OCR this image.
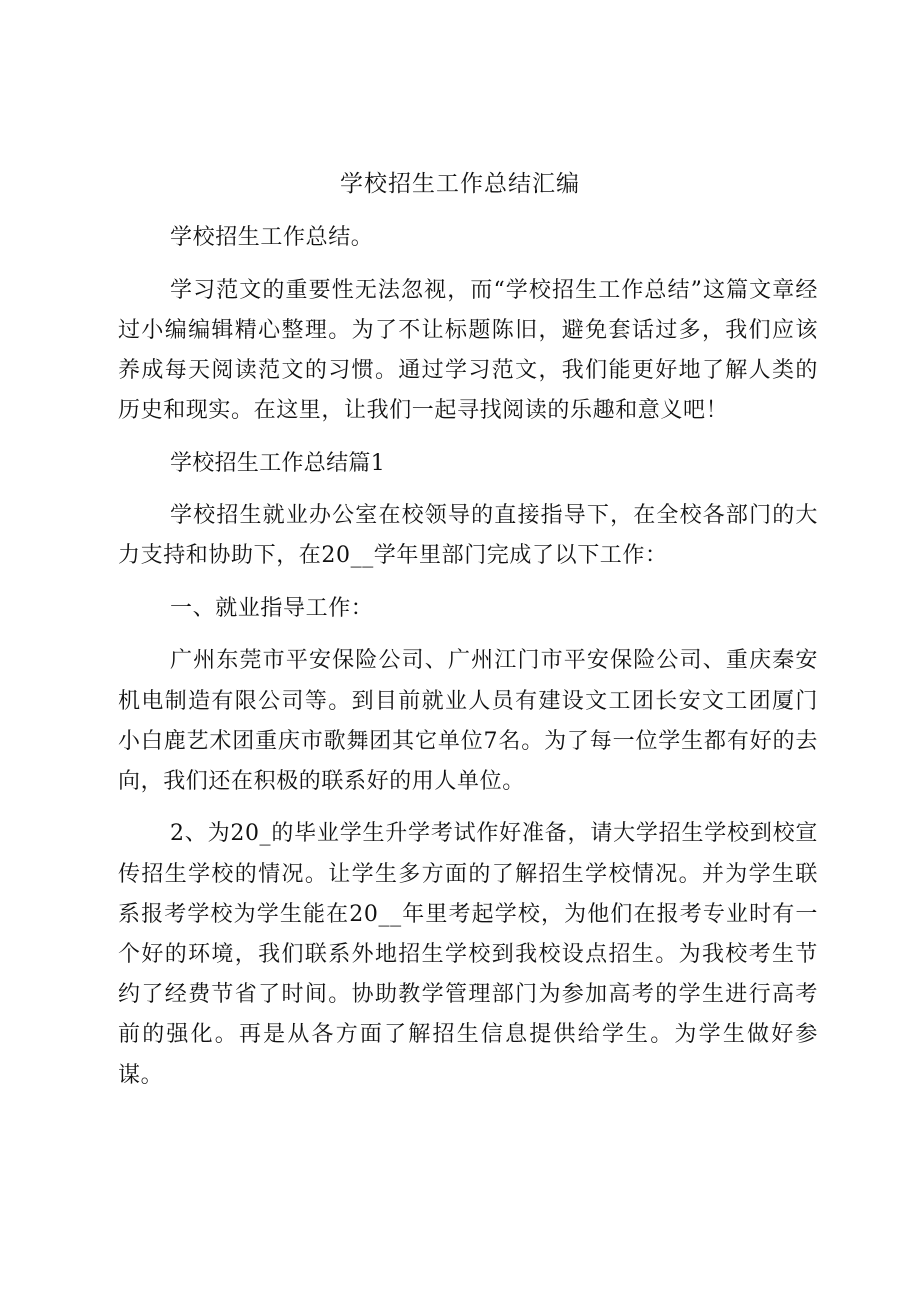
学校招生工作总结汇编

学校招生工作总结。

学习范文的重要性无法忽视，而“学校招生工作总结”这篇文章经过小编编辑精心整理。为了不让标题陈旧，避免套话过多，我们应该养成每天阅读范文的习惯。通过学习范文，我们能更好地了解人类的历史和现实。在这里，让我们一起寻找阅读的乐趣和意义吧！

学校招生工作总结篇1

学校招生就业办公室在校领导的直接指导下，在全校各部门的大力支持和协助下，在20__学年里部门完成了以下工作：

一、就业指导工作：

广州东莞市平安保险公司、广州江门市平安保险公司、重庆秦安机电制造有限公司等。到目前就业人员有建设文工团长安文工团厦门小白鹿艺术团重庆市歌舞团其它单位7名。为了每一位学生都有好的去向，我们还在积极的联系好的用人单位。

2、为20_的毕业学生升学考试作好准备，请大学招生学校到校宣传招生学校的情况。让学生多方面的了解招生学校情况。并为学生联系报考学校为学生能在20__年里考起学校，为他们在报考专业时有一个好的环境，我们联系外地招生学校到我校设点招生。为我校考生节约了经费节省了时间。协助教学管理部门为参加高考的学生进行高考前的强化。再是从各方面了解招生信息提供给学生。为学生做好参谋。
